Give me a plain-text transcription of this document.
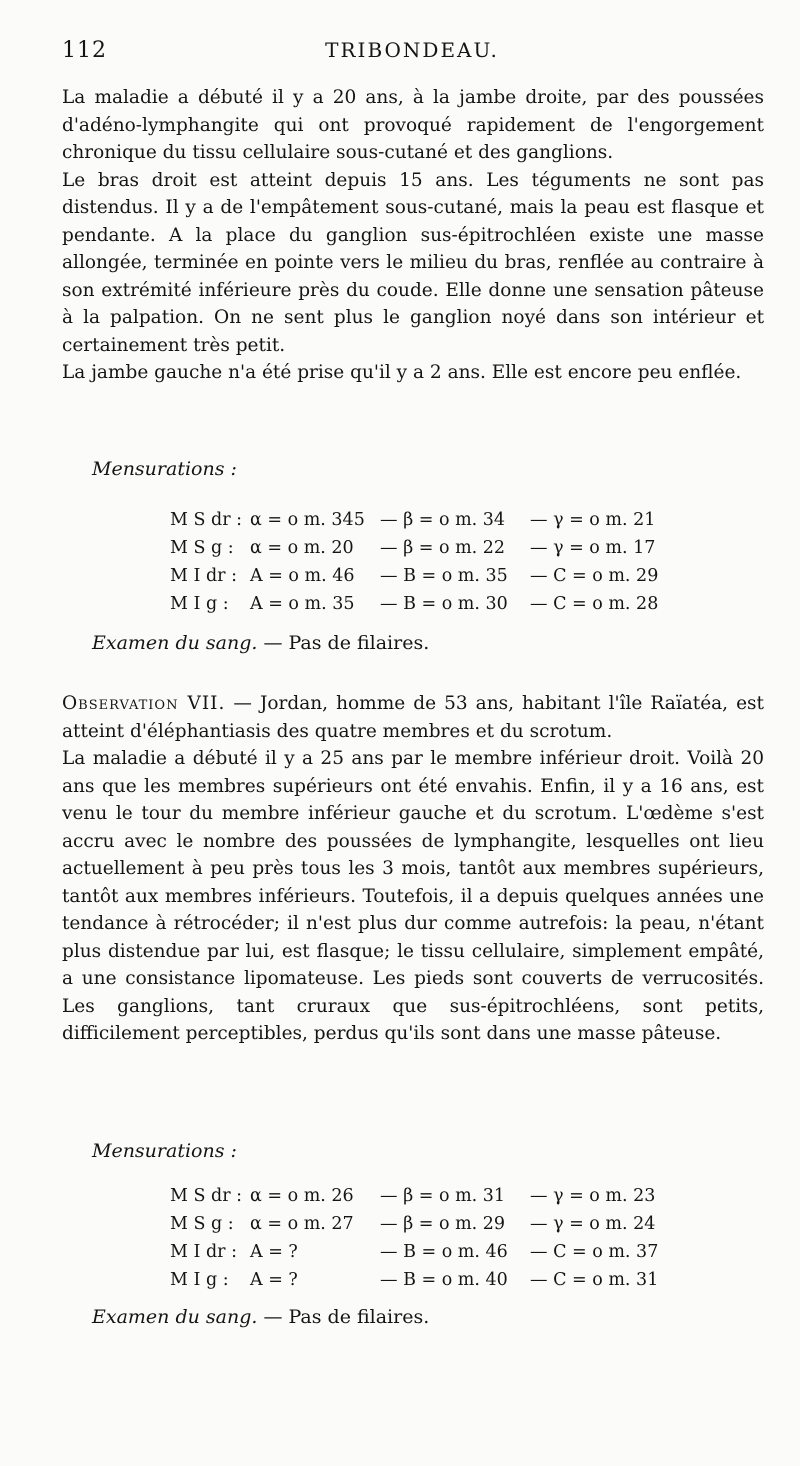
112	TRIBONDEAU.

La maladie a débuté il y a 20 ans, à la jambe droite, par des poussées d'adéno-lymphangite qui ont provoqué rapidement de l'engorgement chronique du tissu cellulaire sous-cutané et des ganglions.

Le bras droit est atteint depuis 15 ans. Les téguments ne sont pas distendus. Il y a de l'empâtement sous-cutané, mais la peau est flasque et pendante. A la place du ganglion sus-épitrochléen existe une masse allongée, terminée en pointe vers le milieu du bras, renflée au contraire à son extrémité inférieure près du coude. Elle donne une sensation pâteuse à la palpation. On ne sent plus le ganglion noyé dans son intérieur et certainement très petit.

La jambe gauche n'a été prise qu'il y a 2 ans. Elle est encore peu enflée.

Mensurations :
M S dr :	α = o m. 345	— β = o m. 34	— γ = o m. 21
M S g :	α = o m. 20	— β = o m. 22	— γ = o m. 17
M I dr :	A = o m. 46	— B = o m. 35	— C = o m. 29
M I g :	A = o m. 35	— B = o m. 30	— C = o m. 28
Examen du sang. — Pas de filaires.

Observation VII. — Jordan, homme de 53 ans, habitant l'île Raïatéa, est atteint d'éléphantiasis des quatre membres et du scrotum.

La maladie a débuté il y a 25 ans par le membre inférieur droit. Voilà 20 ans que les membres supérieurs ont été envahis. Enfin, il y a 16 ans, est venu le tour du membre inférieur gauche et du scrotum. L'œdème s'est accru avec le nombre des poussées de lymphangite, lesquelles ont lieu actuellement à peu près tous les 3 mois, tantôt aux membres supérieurs, tantôt aux membres inférieurs. Toutefois, il a depuis quelques années une tendance à rétrocéder; il n'est plus dur comme autrefois: la peau, n'étant plus distendue par lui, est flasque; le tissu cellulaire, simplement empâté, a une consistance lipomateuse. Les pieds sont couverts de verrucosités. Les ganglions, tant cruraux que sus-épitrochléens, sont petits, difficilement perceptibles, perdus qu'ils sont dans une masse pâteuse.

Mensurations :
M S dr :	α = o m. 26	— β = o m. 31	— γ = o m. 23
M S g :	α = o m. 27	— β = o m. 29	— γ = o m. 24
M I dr :	A = ?	— B = o m. 46	— C = o m. 37
M I g :	A = ?	— B = o m. 40	— C = o m. 31
Examen du sang. — Pas de filaires.
